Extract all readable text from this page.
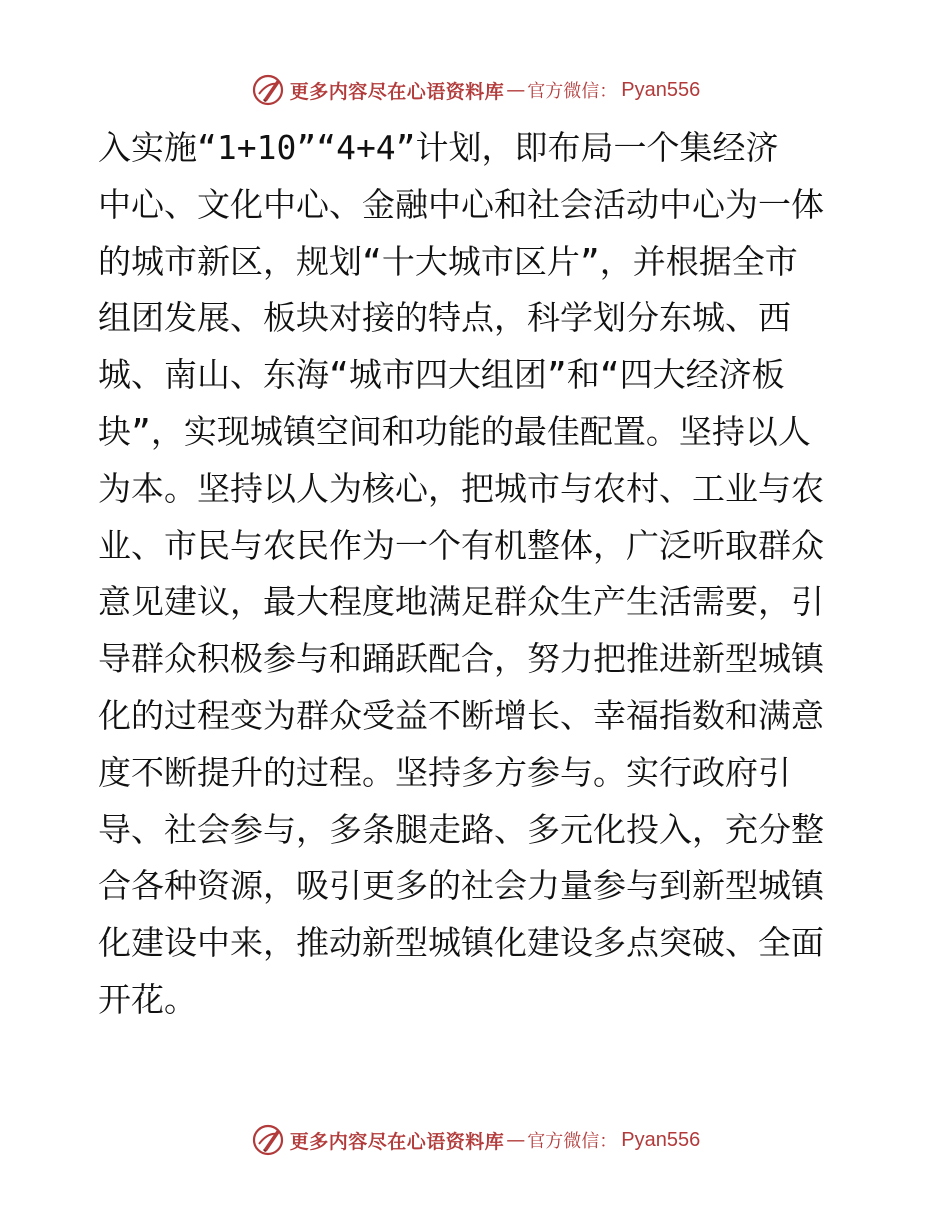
更多内容尽在心语资料库 — 官方微信： Pyan556
入实施“1+10”“4+4”计划，即布局一个集经济
中心、文化中心、金融中心和社会活动中心为一体
的城市新区，规划“十大城市区片”，并根据全市
组团发展、板块对接的特点，科学划分东城、西
城、南山、东海“城市四大组团”和“四大经济板
块”，实现城镇空间和功能的最佳配置。坚持以人
为本。坚持以人为核心，把城市与农村、工业与农
业、市民与农民作为一个有机整体，广泛听取群众
意见建议，最大程度地满足群众生产生活需要，引
导群众积极参与和踊跃配合，努力把推进新型城镇
化的过程变为群众受益不断增长、幸福指数和满意
度不断提升的过程。坚持多方参与。实行政府引
导、社会参与，多条腿走路、多元化投入，充分整
合各种资源，吸引更多的社会力量参与到新型城镇
化建设中来，推动新型城镇化建设多点突破、全面
开花。
更多内容尽在心语资料库 — 官方微信： Pyan556
